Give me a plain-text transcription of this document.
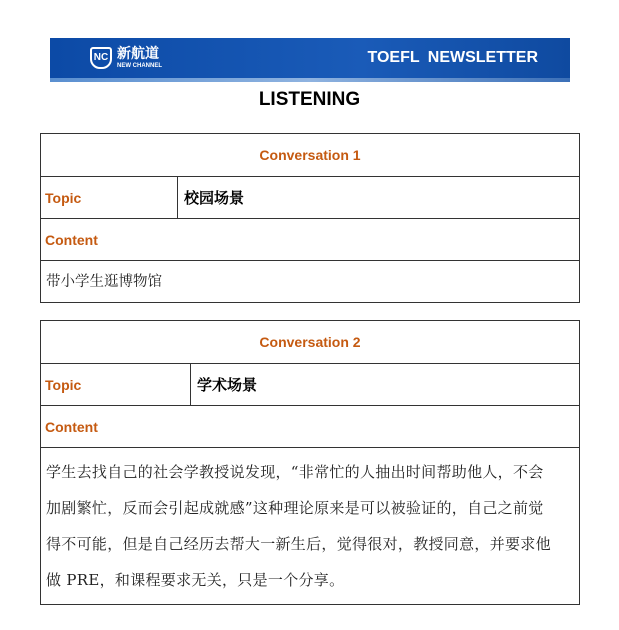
NC 新航道
NEW CHANNEL	TOEFL NEWSLETTER
LISTENING
Conversation 1
Topic	校园场景
Content
带小学生逛博物馆
Conversation 2
Topic	学术场景
Content
学生去找自己的社会学教授说发现，“非常忙的人抽出时间帮助他人，不会
加剧繁忙，反而会引起成就感”这种理论原来是可以被验证的，自己之前觉
得不可能，但是自己经历去帮大一新生后，觉得很对，教授同意，并要求他
做 PRE，和课程要求无关，只是一个分享。
